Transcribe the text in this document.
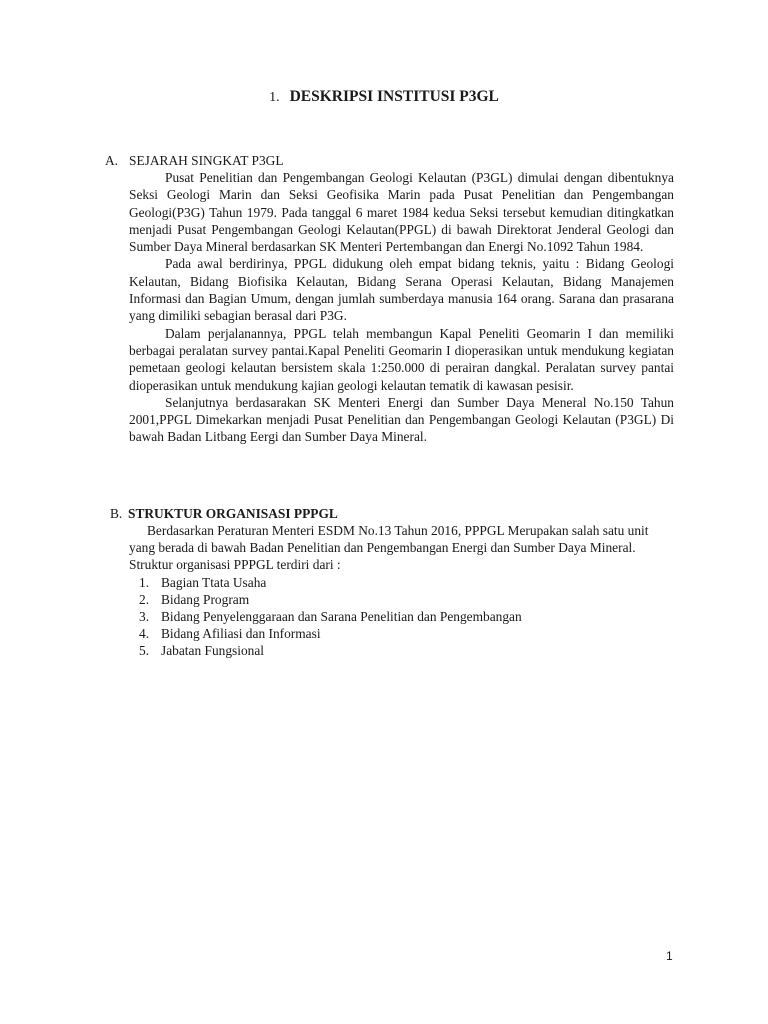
1. DESKRIPSI INSTITUSI P3GL
A. SEJARAH SINGKAT P3GL

Pusat Penelitian dan Pengembangan Geologi Kelautan (P3GL) dimulai dengan dibentuknya Seksi Geologi Marin dan Seksi Geofisika Marin pada Pusat Penelitian dan Pengembangan Geologi(P3G) Tahun 1979. Pada tanggal 6 maret 1984 kedua Seksi tersebut kemudian ditingkatkan menjadi Pusat Pengembangan Geologi Kelautan(PPGL) di bawah Direktorat Jenderal Geologi dan Sumber Daya Mineral berdasarkan SK Menteri Pertembangan dan Energi No.1092 Tahun 1984.

Pada awal berdirinya, PPGL didukung oleh empat bidang teknis, yaitu : Bidang Geologi Kelautan, Bidang Biofisika Kelautan, Bidang Serana Operasi Kelautan, Bidang Manajemen Informasi dan Bagian Umum, dengan jumlah sumberdaya manusia 164 orang. Sarana dan prasarana yang dimiliki sebagian berasal dari P3G.

Dalam perjalanannya, PPGL telah membangun Kapal Peneliti Geomarin I dan memiliki berbagai peralatan survey pantai.Kapal Peneliti Geomarin I dioperasikan untuk mendukung kegiatan pemetaan geologi kelautan bersistem skala 1:250.000 di perairan dangkal. Peralatan survey pantai dioperasikan untuk mendukung kajian geologi kelautan tematik di kawasan pesisir.

Selanjutnya berdasarakan SK Menteri Energi dan Sumber Daya Meneral No.150 Tahun 2001,PPGL Dimekarkan menjadi Pusat Penelitian dan Pengembangan Geologi Kelautan (P3GL) Di bawah Badan Litbang Eergi dan Sumber Daya Mineral.

B. STRUKTUR ORGANISASI PPPGL

Berdasarkan Peraturan Menteri ESDM No.13 Tahun 2016, PPPGL Merupakan salah satu unit yang berada di bawah Badan Penelitian dan Pengembangan Energi dan Sumber Daya Mineral. Struktur organisasi PPPGL terdiri dari :

1. Bagian Ttata Usaha
2. Bidang Program
3. Bidang Penyelenggaraan dan Sarana Penelitian dan Pengembangan
4. Bidang Afiliasi dan Informasi
5. Jabatan Fungsional
1
